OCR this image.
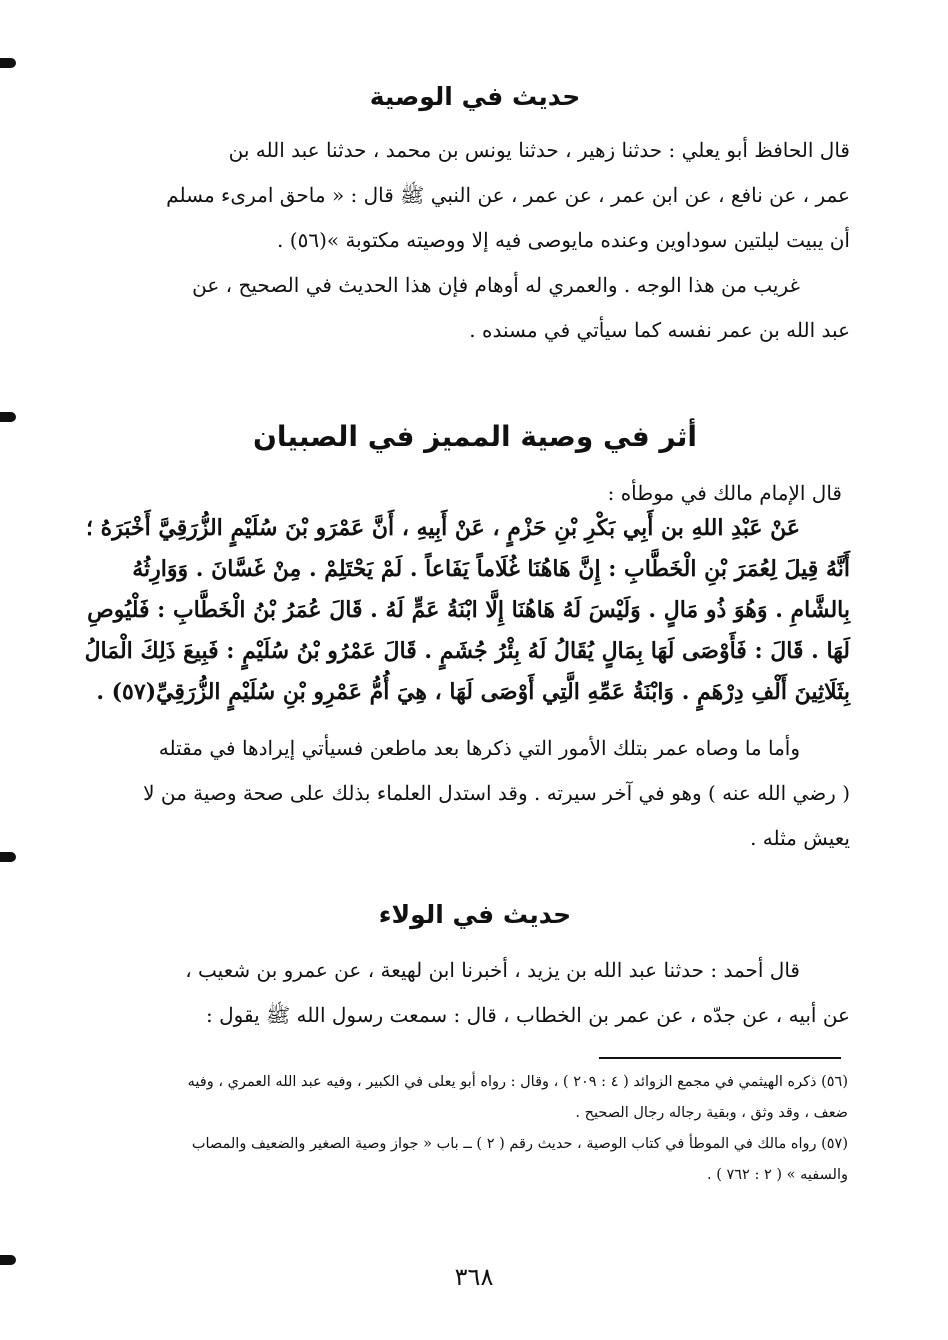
حديث في الوصية
قال الحافظ أبو يعلي : حدثنا زهير ، حدثنا يونس بن محمد ، حدثنا عبد الله بن
عمر ، عن نافع ، عن ابن عمر ، عن عمر ، عن النبي ﷺ قال : « ماحق امرىء مسلم
أن يبيت ليلتين سوداوين وعنده مايوصى فيه إلا ووصيته مكتوبة »(٥٦) .
غريب من هذا الوجه . والعمري له أوهام فإن هذا الحديث في الصحيح ، عن
عبد الله بن عمر نفسه كما سيأتي في مسنده .
أثر في وصية المميز في الصبيان
قال الإمام مالك في موطأه :
عَنْ عَبْدِ اللهِ بن أَبِي بَكْرِ بْنِ حَزْمٍ ، عَنْ أَبِيهِ ، أَنَّ عَمْرَو بْنَ سُلَيْمٍ الزُّرَقِيَّ أَخْبَرَهُ ؛
أَنَّهُ قِيلَ لِعُمَرَ بْنِ الْخَطَّابِ : إِنَّ هَاهُنَا غُلَاماً يَفَاعاً . لَمْ يَحْتَلِمْ . مِنْ غَسَّانَ . وَوَارِثُهُ
بِالشَّامِ . وَهُوَ ذُو مَالٍ . وَلَيْسَ لَهُ هَاهُنَا إِلَّا ابْنَةُ عَمٍّ لَهُ . قَالَ عُمَرُ بْنُ الْخَطَّابِ : فَلْيُوصِ
لَهَا . قَالَ : فَأَوْصَى لَهَا بِمَالٍ يُقَالُ لَهُ بِئْرُ جُشَمٍ . قَالَ عَمْرُو بْنُ سُلَيْمٍ : فَبِيعَ ذَلِكَ الْمَالُ
بِثَلَاثِينَ أَلْفِ دِرْهَمٍ . وَابْنَةُ عَمِّهِ الَّتِي أَوْصَى لَهَا ، هِيَ أُمُّ عَمْرِو بْنِ سُلَيْمٍ الزُّرَقِيِّ(٥٧) .
وأما ما وصاه عمر بتلك الأمور التي ذكرها بعد ماطعن فسيأتي إيرادها في مقتله
( رضي الله عنه ) وهو في آخر سيرته . وقد استدل العلماء بذلك على صحة وصية من لا
يعيش مثله .
حديث في الولاء
قال أحمد : حدثنا عبد الله بن يزيد ، أخبرنا ابن لهيعة ، عن عمرو بن شعيب ،
عن أبيه ، عن جدّه ، عن عمر بن الخطاب ، قال : سمعت رسول الله ﷺ يقول :
(٥٦) ذكره الهيثمي في مجمع الزوائد ( ٤ : ٢٠٩ ) ، وقال : رواه أبو يعلى في الكبير ، وفيه عبد الله العمري ، وفيه
ضعف ، وقد وثق ، وبقية رجاله رجال الصحيح .
(٥٧) رواه مالك في الموطأ في كتاب الوصية ، حديث رقم ( ٢ ) ــ باب « جواز وصية الصغير والضعيف والمصاب
والسفيه » ( ٢ : ٧٦٢ ) .
٣٦٨
